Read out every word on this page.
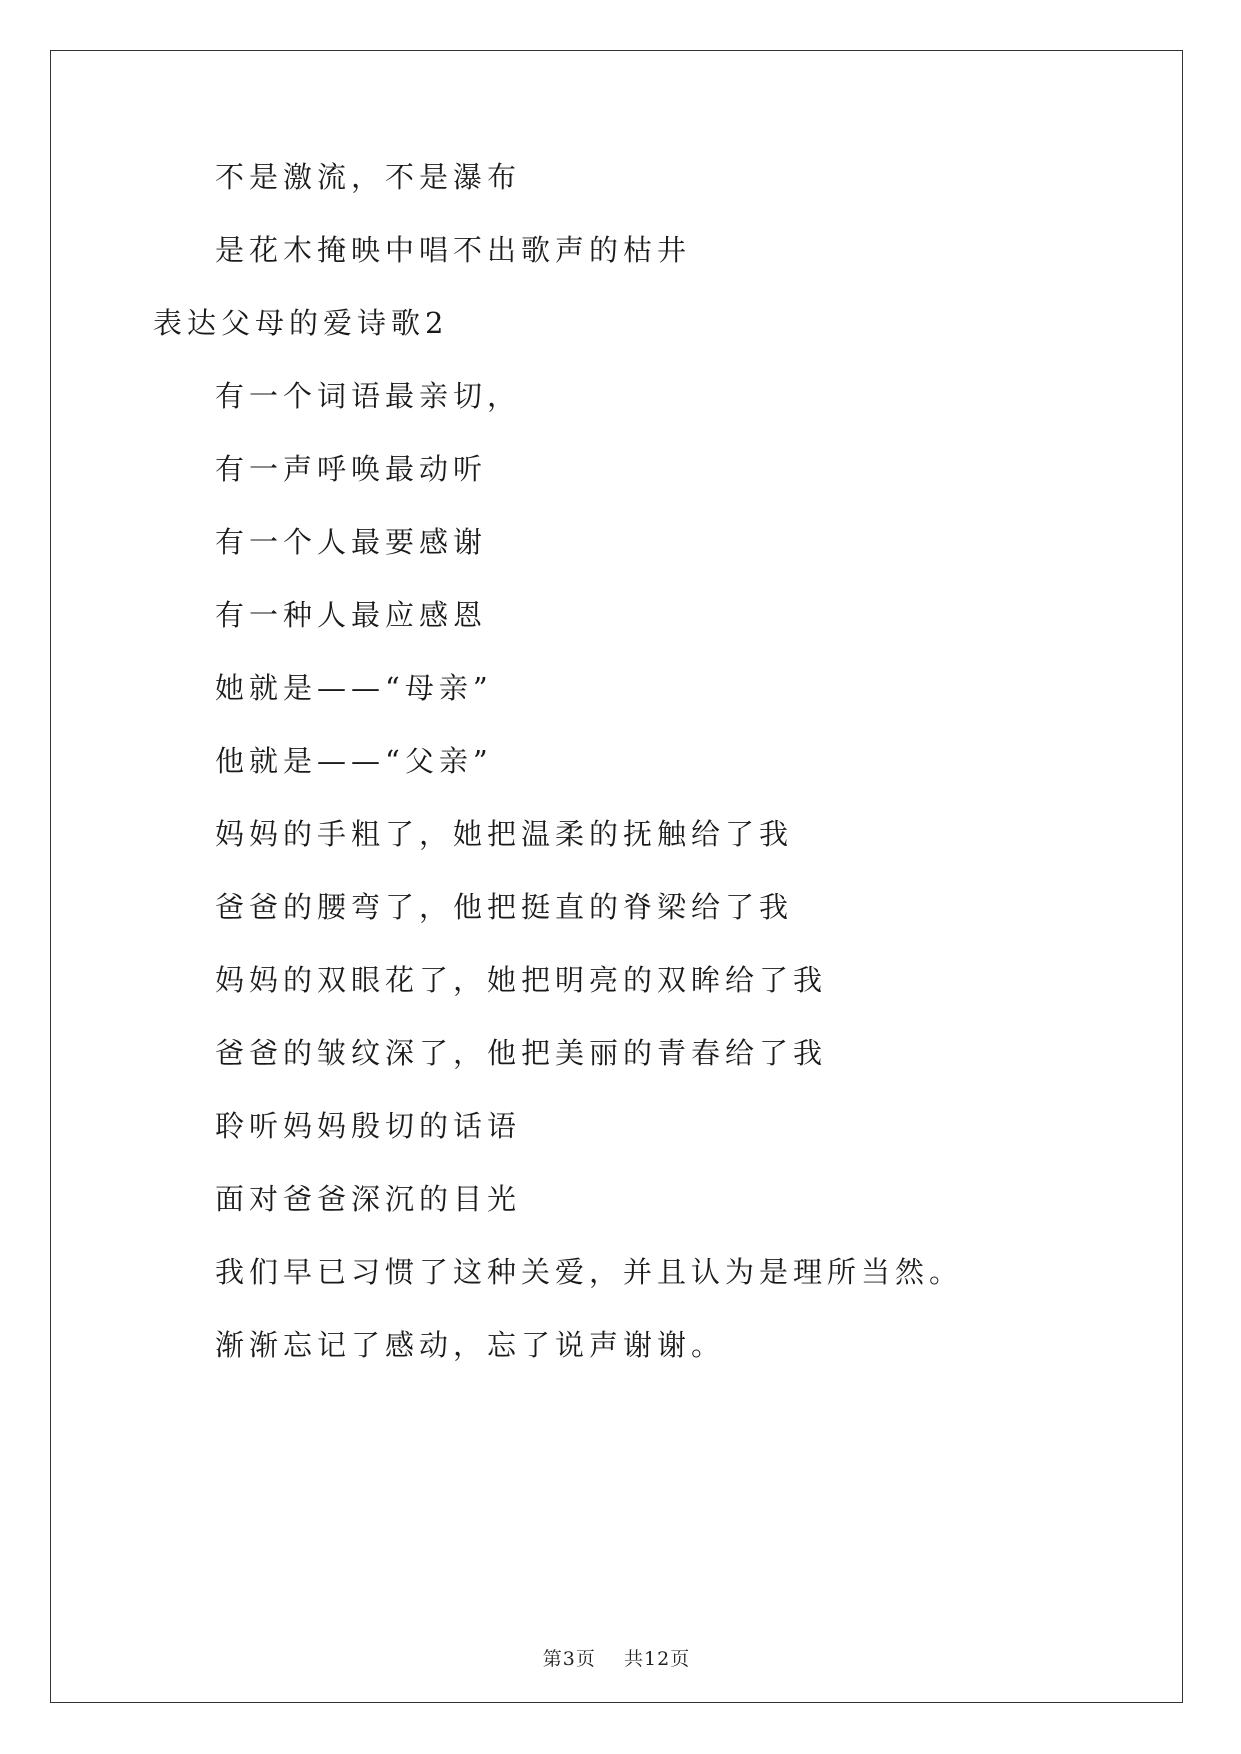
不是激流，不是瀑布
是花木掩映中唱不出歌声的枯井
表达父母的爱诗歌2
有一个词语最亲切，
有一声呼唤最动听
有一个人最要感谢
有一种人最应感恩
她就是——“母亲”
他就是——“父亲”
妈妈的手粗了，她把温柔的抚触给了我
爸爸的腰弯了，他把挺直的脊梁给了我
妈妈的双眼花了，她把明亮的双眸给了我
爸爸的皱纹深了，他把美丽的青春给了我
聆听妈妈殷切的话语
面对爸爸深沉的目光
我们早已习惯了这种关爱，并且认为是理所当然。
渐渐忘记了感动，忘了说声谢谢。
第3页    共12页
